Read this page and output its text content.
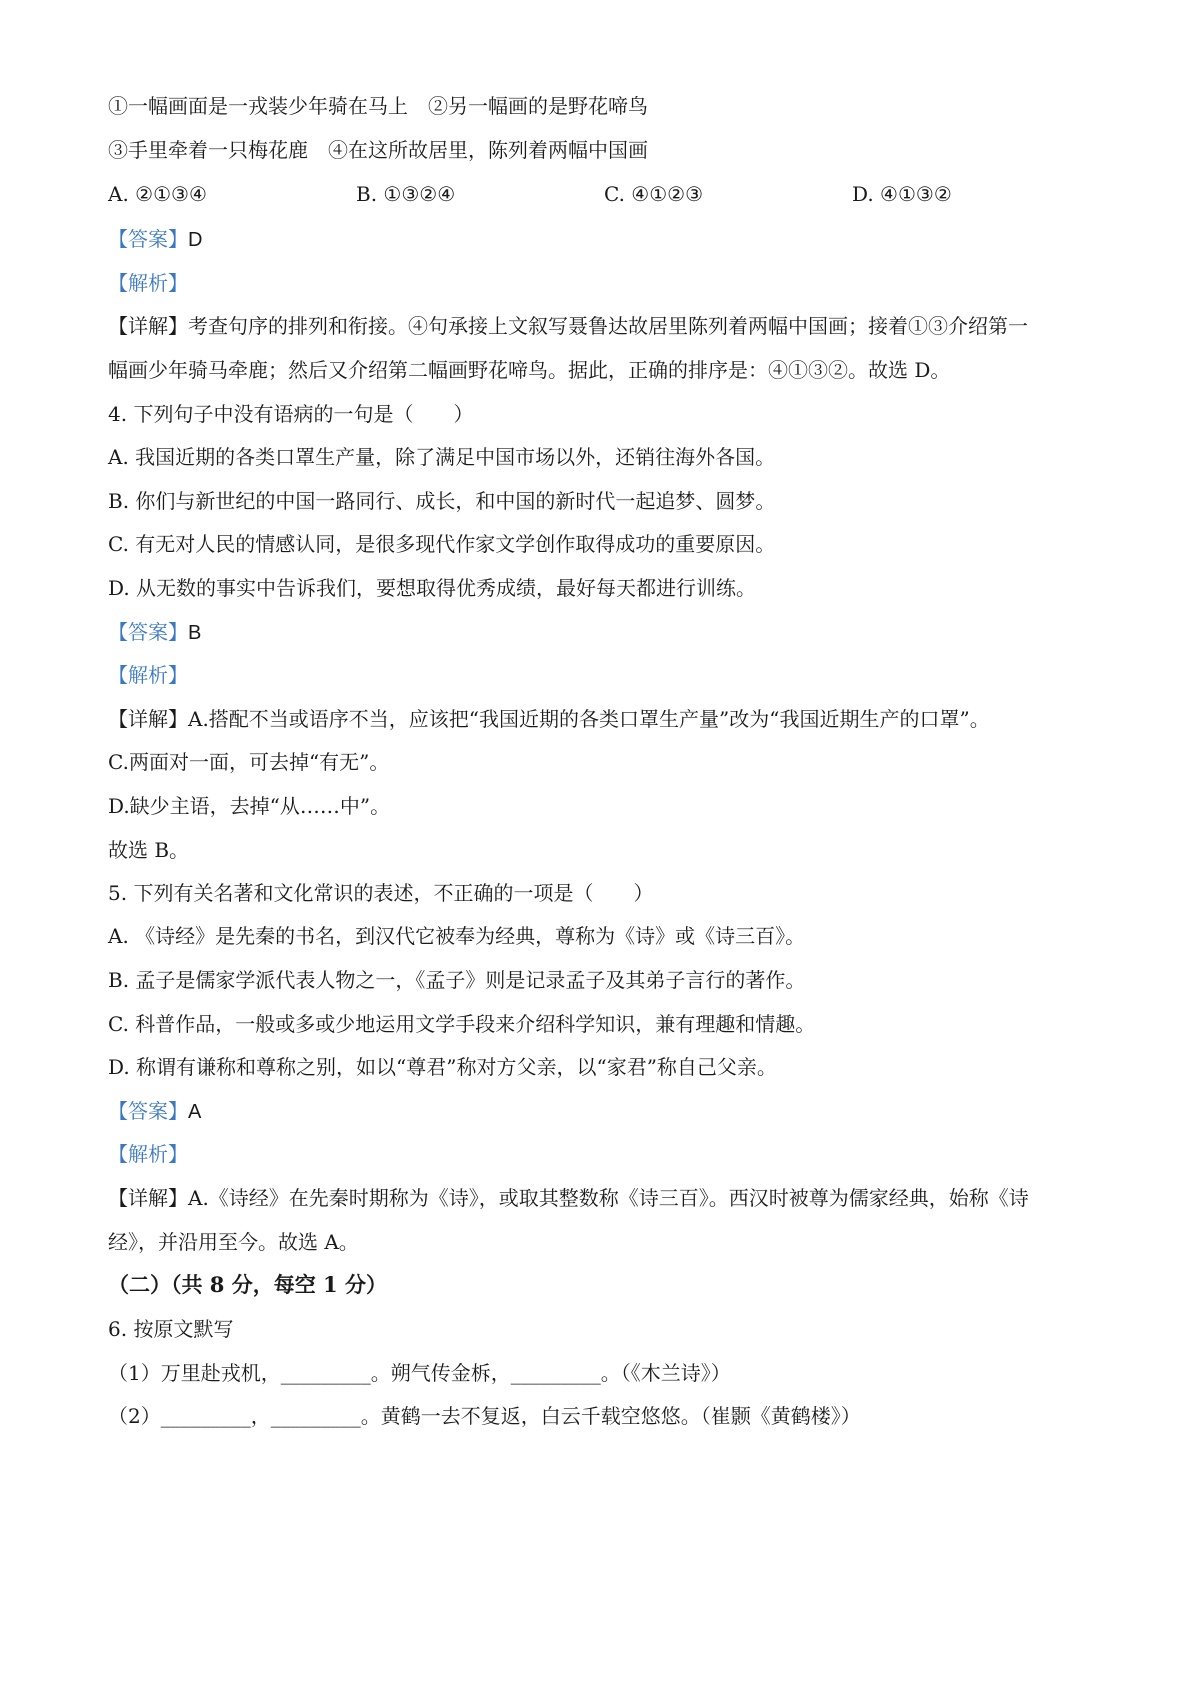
①一幅画面是一戎装少年骑在马上　②另一幅画的是野花啼鸟
③手里牵着一只梅花鹿　④在这所故居里，陈列着两幅中国画
A. ②①③④	B. ①③②④	C. ④①②③	D. ④①③②
【答案】D
【解析】
【详解】考查句序的排列和衔接。④句承接上文叙写聂鲁达故居里陈列着两幅中国画；接着①③介绍第一
幅画少年骑马牵鹿；然后又介绍第二幅画野花啼鸟。据此，正确的排序是：④①③②。故选 D。
4. 下列句子中没有语病的一句是（　　）
A. 我国近期的各类口罩生产量，除了满足中国市场以外，还销往海外各国。
B. 你们与新世纪的中国一路同行、成长，和中国的新时代一起追梦、圆梦。
C. 有无对人民的情感认同，是很多现代作家文学创作取得成功的重要原因。
D. 从无数的事实中告诉我们，要想取得优秀成绩，最好每天都进行训练。
【答案】B
【解析】
【详解】A.搭配不当或语序不当，应该把“我国近期的各类口罩生产量”改为“我国近期生产的口罩”。
C.两面对一面，可去掉“有无”。
D.缺少主语，去掉“从……中”。
故选 B。
5. 下列有关名著和文化常识的表述，不正确的一项是（　　）
A. 《诗经》是先秦的书名，到汉代它被奉为经典，尊称为《诗》或《诗三百》。
B. 孟子是儒家学派代表人物之一，《孟子》则是记录孟子及其弟子言行的著作。
C. 科普作品，一般或多或少地运用文学手段来介绍科学知识，兼有理趣和情趣。
D. 称谓有谦称和尊称之别，如以“尊君”称对方父亲，以“家君”称自己父亲。
【答案】A
【解析】
【详解】A.《诗经》在先秦时期称为《诗》，或取其整数称《诗三百》。西汉时被尊为儒家经典，始称《诗
经》，并沿用至今。故选 A。
（二）（共 8 分，每空 1 分）
6. 按原文默写
（1）万里赴戎机，_________。朔气传金柝，_________。（《木兰诗》）
（2）_________，_________。黄鹤一去不复返，白云千载空悠悠。（崔颢《黄鹤楼》）
